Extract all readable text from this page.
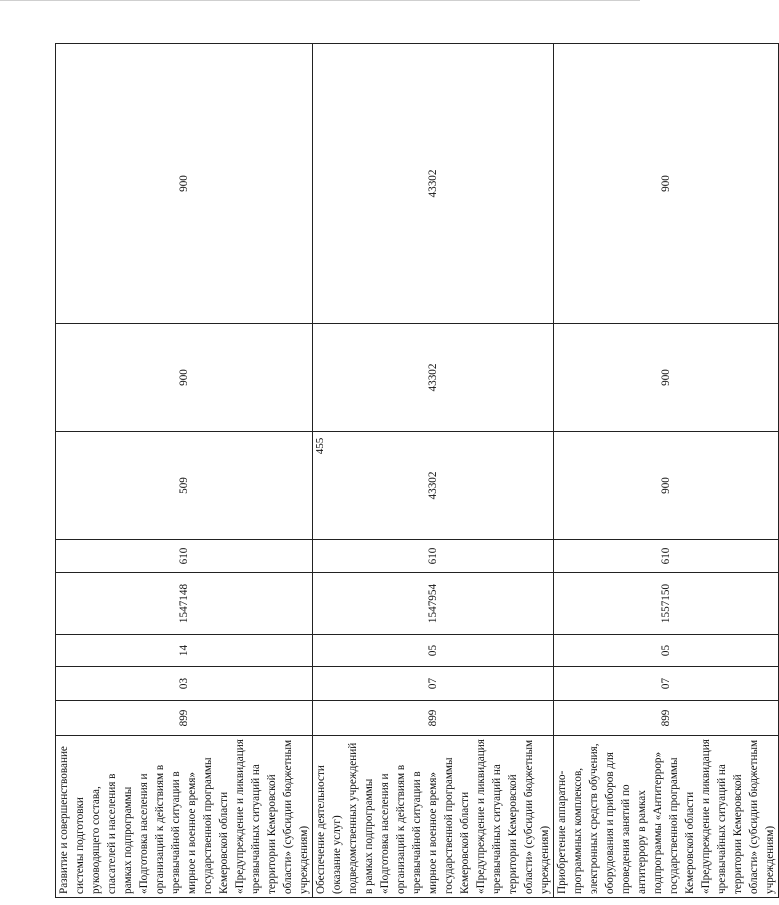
455
Развитие и совершенствование системы подготовки руководящего состава, спасателей и населения в рамках подпрограммы «Подготовка населения и организаций к действиям в чрезвычайной ситуации в мирное и военное время» государственной программы Кемеровской области «Предупреждение и ликвидация чрезвычайных ситуаций на территории Кемеровской области» (субсидии бюджетным учреждениям)	899	03	14	1547148	610	509	900	900
Обеспечение деятельности (оказание услуг) подведомственных учреждений в рамках подпрограммы «Подготовка населения и организаций к действиям в чрезвычайной ситуации в мирное и военное время» государственной программы Кемеровской области «Предупреждение и ликвидация чрезвычайных ситуаций на территории Кемеровской области» (субсидии бюджетным учреждениям)	899	07	05	1547954	610	43302	43302	43302
Приобретение аппаратно-программных комплексов, электронных средств обучения, оборудования и приборов для проведения занятий по антитеррору в рамках подпрограммы «Антитеррор» государственной программы Кемеровской области «Предупреждение и ликвидация чрезвычайных ситуаций на территории Кемеровской области» (субсидии бюджетным учреждениям)	899	07	05	1557150	610	900	900	900
